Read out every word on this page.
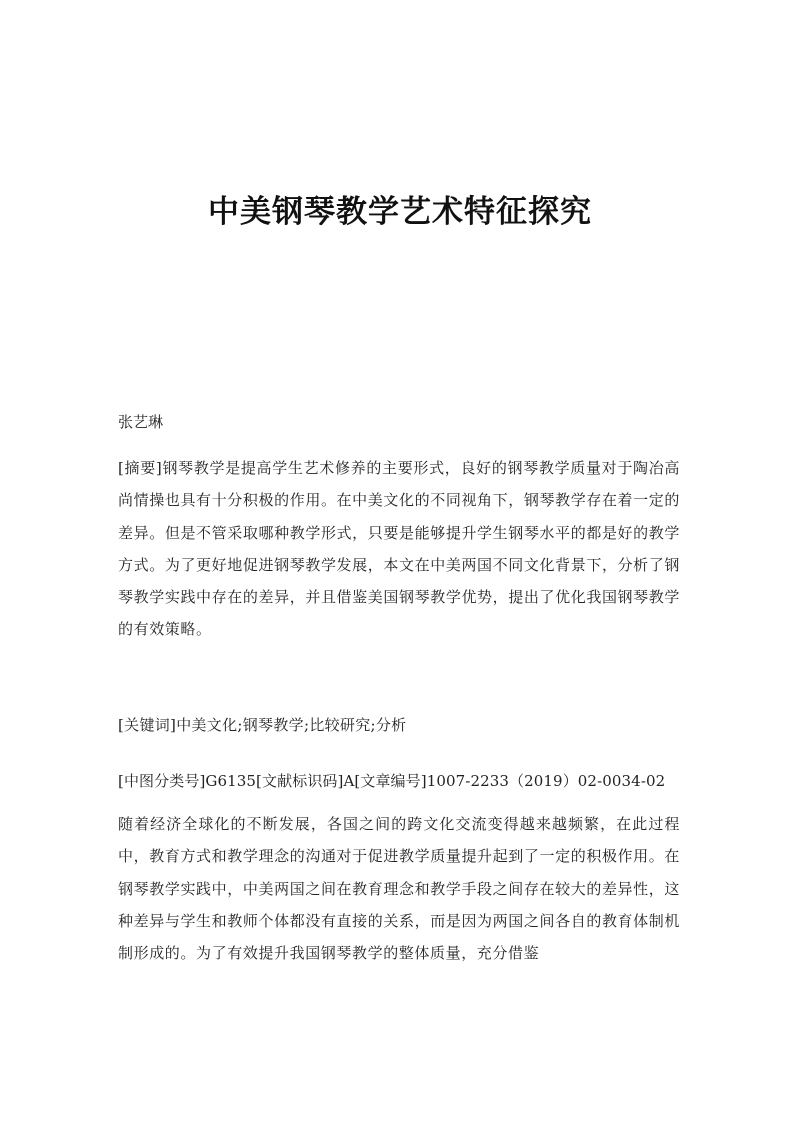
中美钢琴教学艺术特征探究
张艺琳

[摘要]钢琴教学是提高学生艺术修养的主要形式，良好的钢琴教学质量对于陶冶高尚情操也具有十分积极的作用。在中美文化的不同视角下，钢琴教学存在着一定的差异。但是不管采取哪种教学形式，只要是能够提升学生钢琴水平的都是好的教学方式。为了更好地促进钢琴教学发展，本文在中美两国不同文化背景下，分析了钢琴教学实践中存在的差异，并且借鉴美国钢琴教学优势，提出了优化我国钢琴教学的有效策略。

[关键词]中美文化;钢琴教学;比较研究;分析
[中图分类号]G6135[文献标识码]A[文章编号]1007-2233（2019）02-0034-02

随着经济全球化的不断发展，各国之间的跨文化交流变得越来越频繁，在此过程中，教育方式和教学理念的沟通对于促进教学质量提升起到了一定的积极作用。在钢琴教学实践中，中美两国之间在教育理念和教学手段之间存在较大的差异性，这种差异与学生和教师个体都没有直接的关系，而是因为两国之间各自的教育体制机制形成的。为了有效提升我国钢琴教学的整体质量，充分借鉴
